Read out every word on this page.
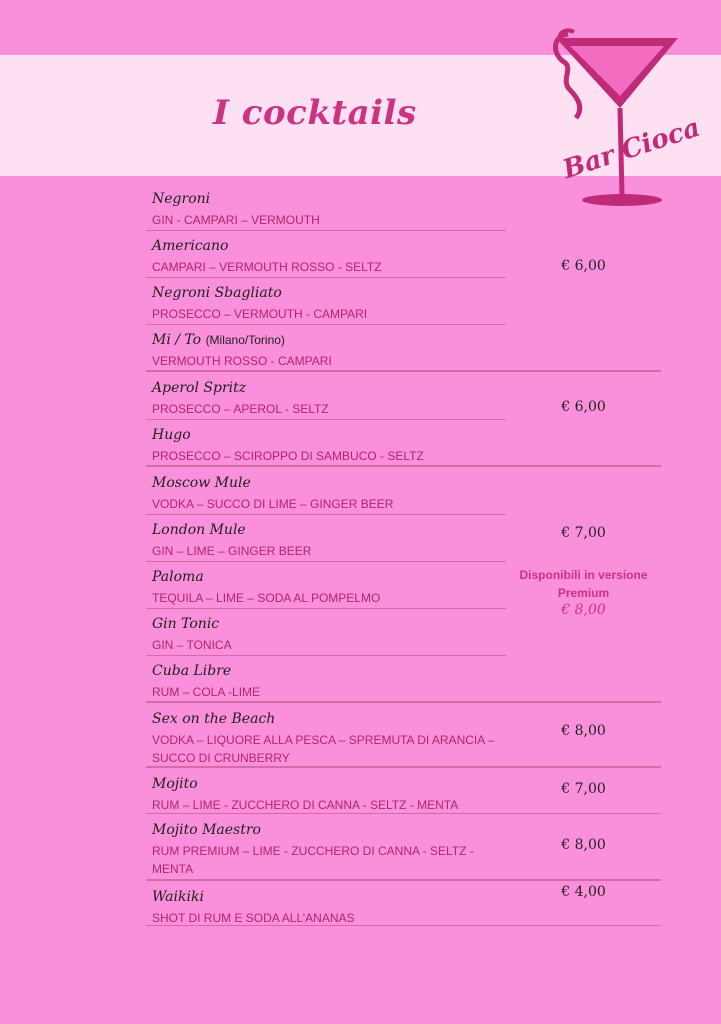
I cocktails	Bar Cioca
Negroni
GIN - CAMPARI – VERMOUTH
Americano
CAMPARI – VERMOUTH ROSSO - SELTZ
Negroni Sbagliato
PROSECCO – VERMOUTH - CAMPARI
Mi / To (Milano/Torino)
VERMOUTH ROSSO - CAMPARI
€ 6,00
Aperol Spritz
PROSECCO – APEROL - SELTZ
Hugo
PROSECCO – SCIROPPO DI SAMBUCO - SELTZ
€ 6,00
Moscow Mule
VODKA – SUCCO DI LIME – GINGER BEER
London Mule
GIN – LIME – GINGER BEER
Paloma
TEQUILA – LIME – SODA AL POMPELMO
Gin Tonic
GIN – TONICA
Cuba Libre
RUM – COLA -LIME
€ 7,00
Disponibili in versione Premium
€ 8,00
Sex on the Beach
VODKA – LIQUORE ALLA PESCA – SPREMUTA DI ARANCIA – SUCCO DI CRUNBERRY
€ 8,00
Mojito
RUM – LIME - ZUCCHERO DI CANNA - SELTZ - MENTA
€ 7,00
Mojito Maestro
RUM PREMIUM – LIME - ZUCCHERO DI CANNA - SELTZ - MENTA
€ 8,00
Waikiki
SHOT DI RUM E SODA ALL’ANANAS
€ 4,00
